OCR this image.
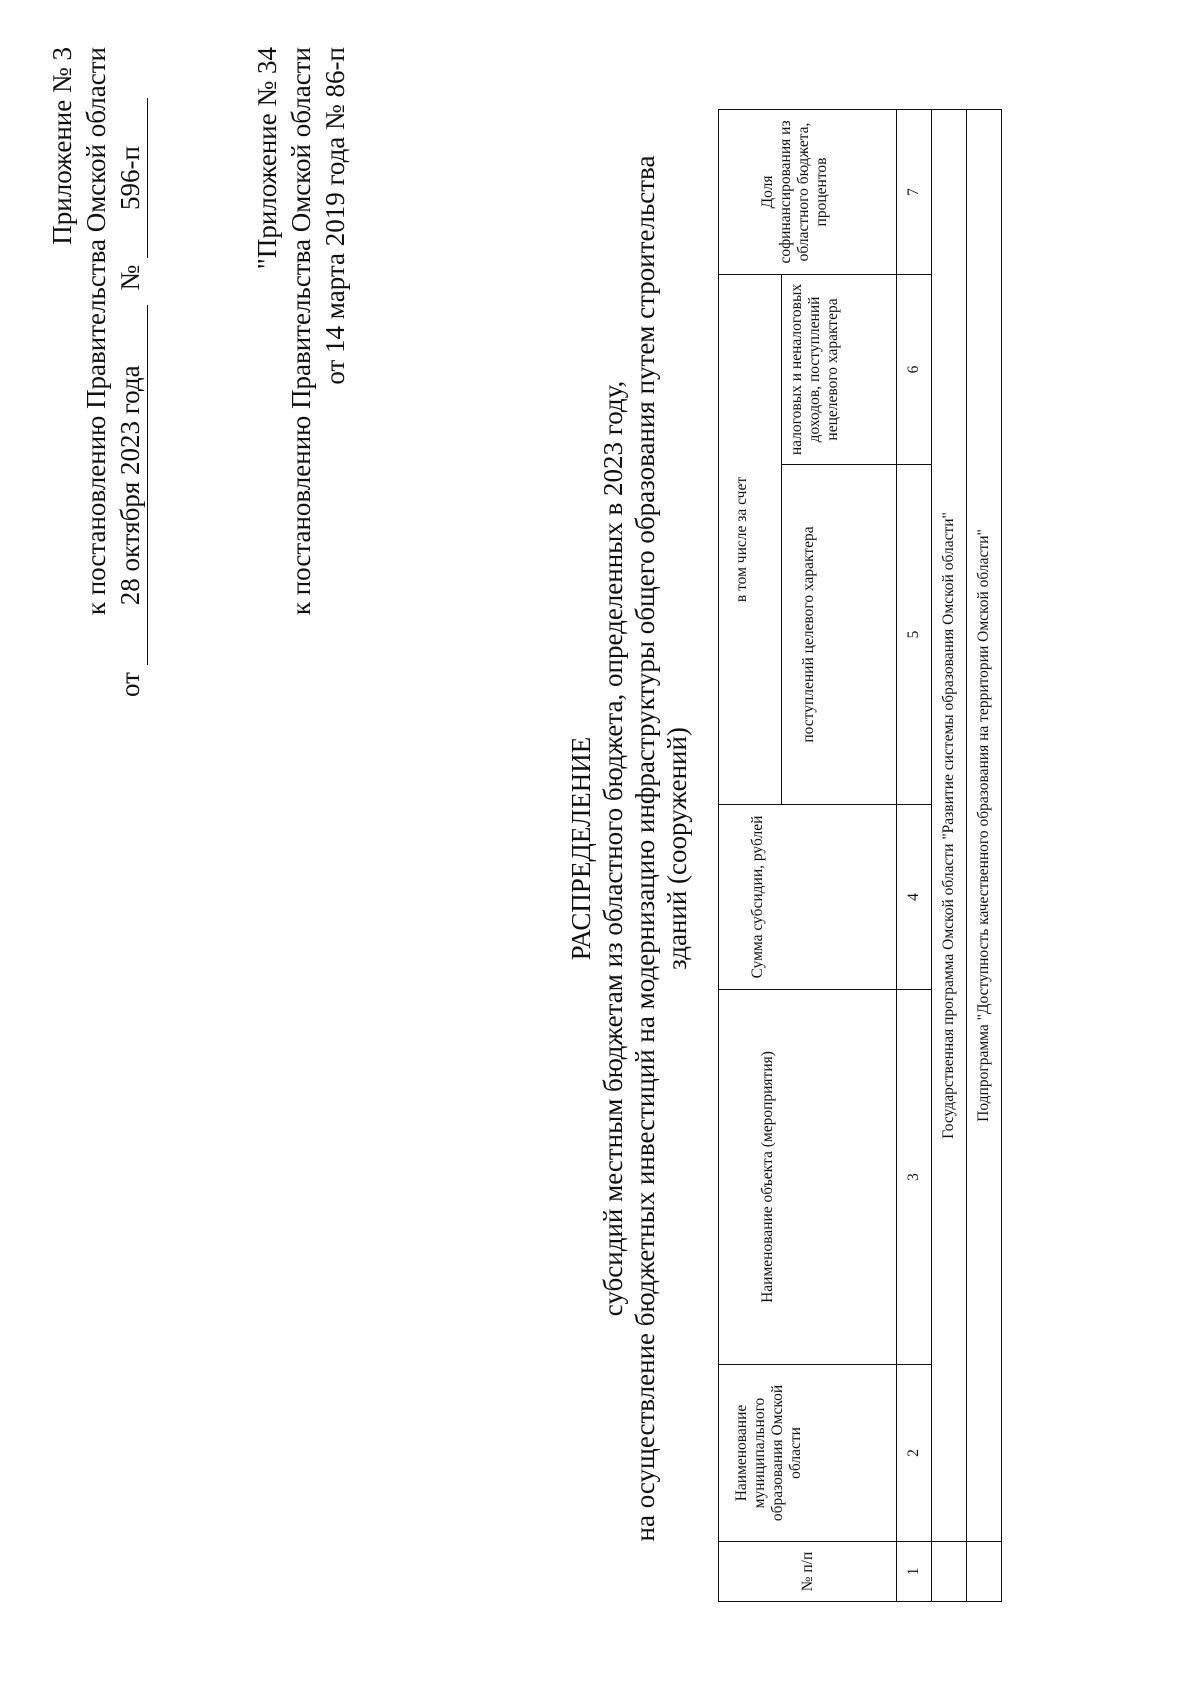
Приложение № 3 к постановлению Правительства Омской области
от 28 октября 2023 года № 596-п	"Приложение № 34 к постановлению Правительства Омской области от 14 марта 2019 года № 86-п
РАСПРЕДЕЛЕНИЕ субсидий местным бюджетам из областного бюджета, определенных в 2023 году, на осуществление бюджетных инвестиций на модернизацию инфраструктуры общего образования путем строительства зданий (сооружений)
№ п/п	Наименование муниципального образования Омской области	Наименование объекта (мероприятия)	Сумма субсидии, рублей	в том числе за счет		Доля софинансирования из областного бюджета, процентов
				поступлений целевого характера	налоговых и неналоговых доходов, поступлений нецелевого характера	
1	2	3	4	5	6	7
	Государственная программа Омской области "Развитие системы образования Омской области"					
	Подпрограмма "Доступность качественного образования на территории Омской области"					
